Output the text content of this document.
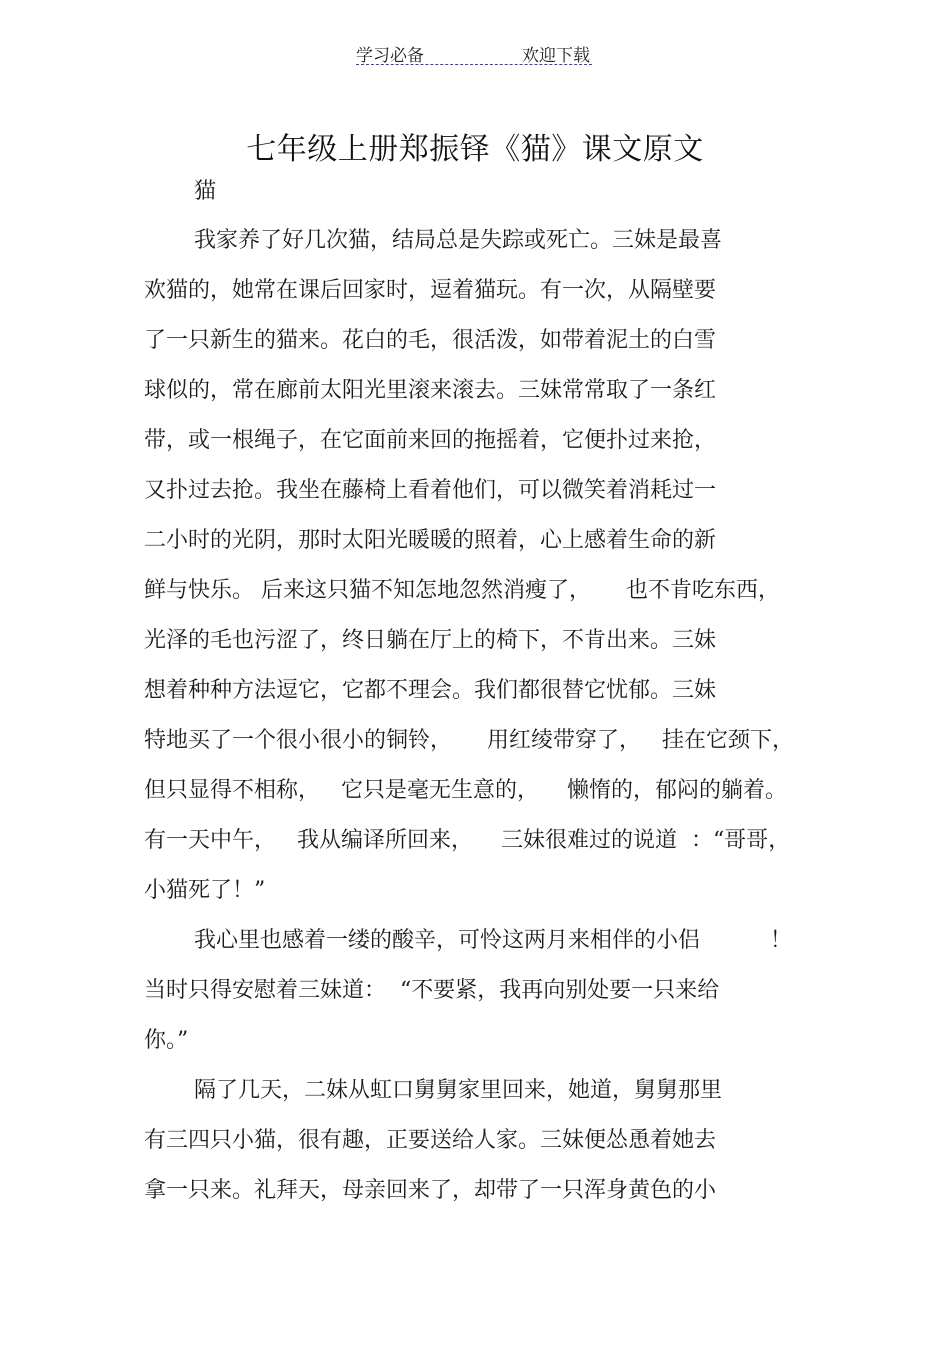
学习必备	欢迎下载
七年级上册郑振铎《猫》课文原文
猫
我家养了好几次猫，结局总是失踪或死亡。三妹是最喜
欢猫的，她常在课后回家时，逗着猫玩。有一次，从隔壁要
了一只新生的猫来。花白的毛，很活泼，如带着泥土的白雪
球似的，常在廊前太阳光里滚来滚去。三妹常常取了一条红
带，或一根绳子，在它面前来回的拖摇着，它便扑过来抢，
又扑过去抢。我坐在藤椅上看着他们，可以微笑着消耗过一
二小时的光阴，那时太阳光暖暖的照着，心上感着生命的新
鲜与快乐。 后来这只猫不知怎地忽然消瘦了，     也不肯吃东西，
光泽的毛也污涩了，终日躺在厅上的椅下，不肯出来。三妹
想着种种方法逗它，它都不理会。我们都很替它忧郁。三妹
特地买了一个很小很小的铜铃，     用红绫带穿了，   挂在它颈下，
但只显得不相称，   它只是毫无生意的，    懒惰的，郁闷的躺着。
有一天中午，   我从编译所回来，    三妹很难过的说道  ：“哥哥，
小猫死了！”
我心里也感着一缕的酸辛，可怜这两月来相伴的小侣          ！
当时只得安慰着三妹道：  “不要紧，我再向别处要一只来给
你。”
隔了几天，二妹从虹口舅舅家里回来，她道，舅舅那里
有三四只小猫，很有趣，正要送给人家。三妹便怂恿着她去
拿一只来。礼拜天，母亲回来了，却带了一只浑身黄色的小
